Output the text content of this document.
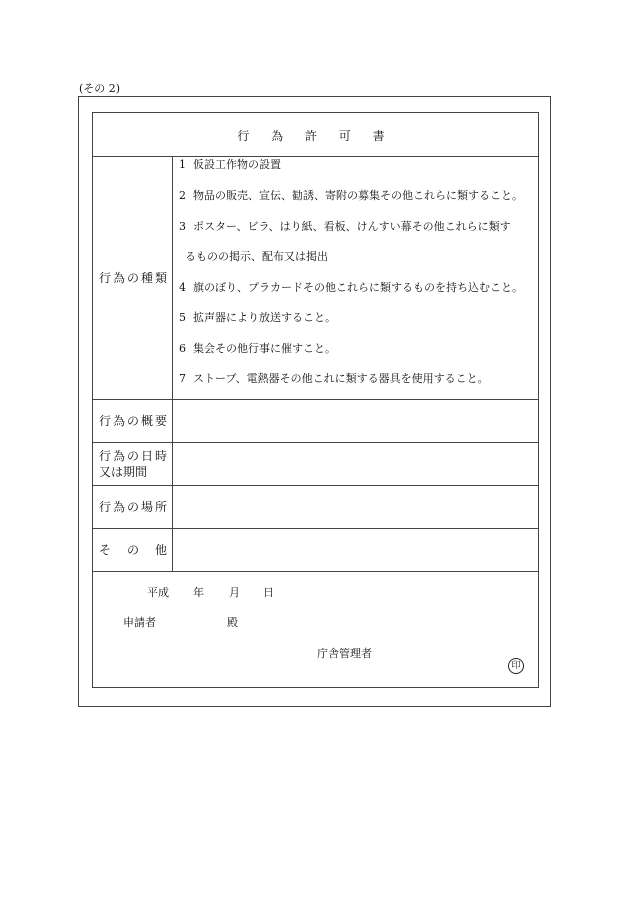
(その 2)
行 為 許 可 書
行為の種類
行為の概要
行為の日時
又は期間
行為の場所
そ　の　他
1 仮設工作物の設置
2 物品の販売、宣伝、勧誘、寄附の募集その他これらに類すること。
3 ポスター、ビラ、はり紙、看板、けんすい幕その他これらに類す
るものの掲示、配布又は掲出
4 旗のぼり、プラカードその他これらに類するものを持ち込むこと。
5 拡声器により放送すること。
6 集会その他行事に催すこと。
7 ストーブ、電熱器その他これに類する器具を使用すること。
平成 年 月 日
申請者	殿
庁舎管理者
印
